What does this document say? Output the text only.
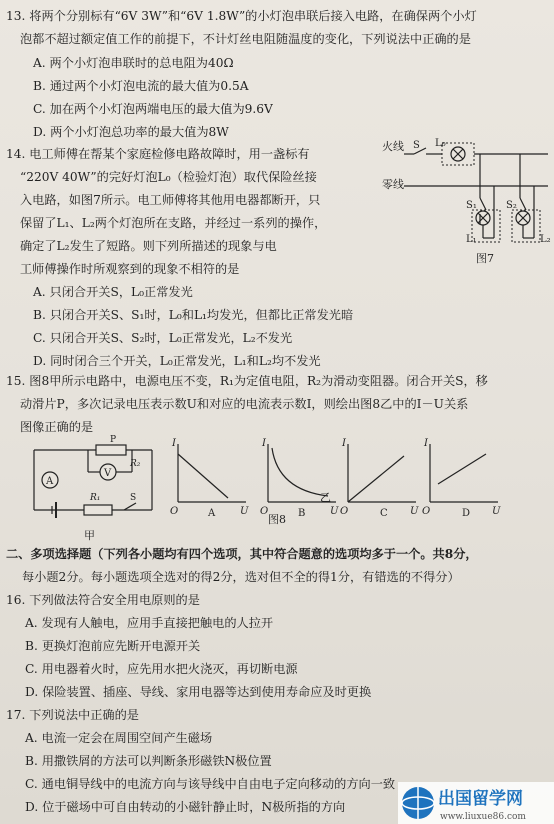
13. 将两个分别标有“6V 3W”和“6V 1.8W”的小灯泡串联后接入电路，在确保两个小灯
泡都不超过额定值工作的前提下，不计灯丝电阻随温度的变化，下列说法中正确的是
A. 两个小灯泡串联时的总电阻为40Ω
B. 通过两个小灯泡电流的最大值为0.5A
C. 加在两个小灯泡两端电压的最大值为9.6V
D. 两个小灯泡总功率的最大值为8W
14. 电工师傅在帮某个家庭检修电路故障时，用一盏标有
“220V 40W”的完好灯泡L₀（检验灯泡）取代保险丝接
入电路，如图7所示。电工师傅将其他用电器都断开，只
保留了L₁、L₂两个灯泡所在支路，并经过一系列的操作，
确定了L₂发生了短路。则下列所描述的现象与电
工师傅操作时所观察到的现象不相符的是
A. 只闭合开关S，L₀正常发光
B. 只闭合开关S、S₁时，L₀和L₁均发光，但都比正常发光暗
C. 只闭合开关S、S₂时，L₀正常发光，L₂不发光
D. 同时闭合三个开关，L₀正常发光，L₁和L₂均不发光
火线
零线
S L₀
S₁
L₁
S₂
L₂
图7
15. 图8甲所示电路中，电源电压不变，R₁为定值电阻，R₂为滑动变阻器。闭合开关S，移
动滑片P，多次记录电压表示数U和对应的电流表示数I，则绘出图8乙中的I－U关系
图像正确的是
A
P
R₂
V
R₁	S
甲
I
U
O	A
I
U
O	B
I
U
O	C
I
U
O	D
乙
图8
二、多项选择题（下列各小题均有四个选项，其中符合题意的选项均多于一个。共8分，
每小题2分。每小题选项全选对的得2分，选对但不全的得1分，有错选的不得分）
16. 下列做法符合安全用电原则的是
A. 发现有人触电，应用手直接把触电的人拉开
B. 更换灯泡前应先断开电源开关
C. 用电器着火时，应先用水把火浇灭，再切断电源
D. 保险装置、插座、导线、家用电器等达到使用寿命应及时更换
17. 下列说法中正确的是
A. 电流一定会在周围空间产生磁场
B. 用撒铁屑的方法可以判断条形磁铁N极位置
C. 通电铜导线中的电流方向与该导线中自由电子定向移动的方向一致
D. 位于磁场中可自由转动的小磁针静止时，N极所指的方向	出国留学网
www.liuxue86.com
